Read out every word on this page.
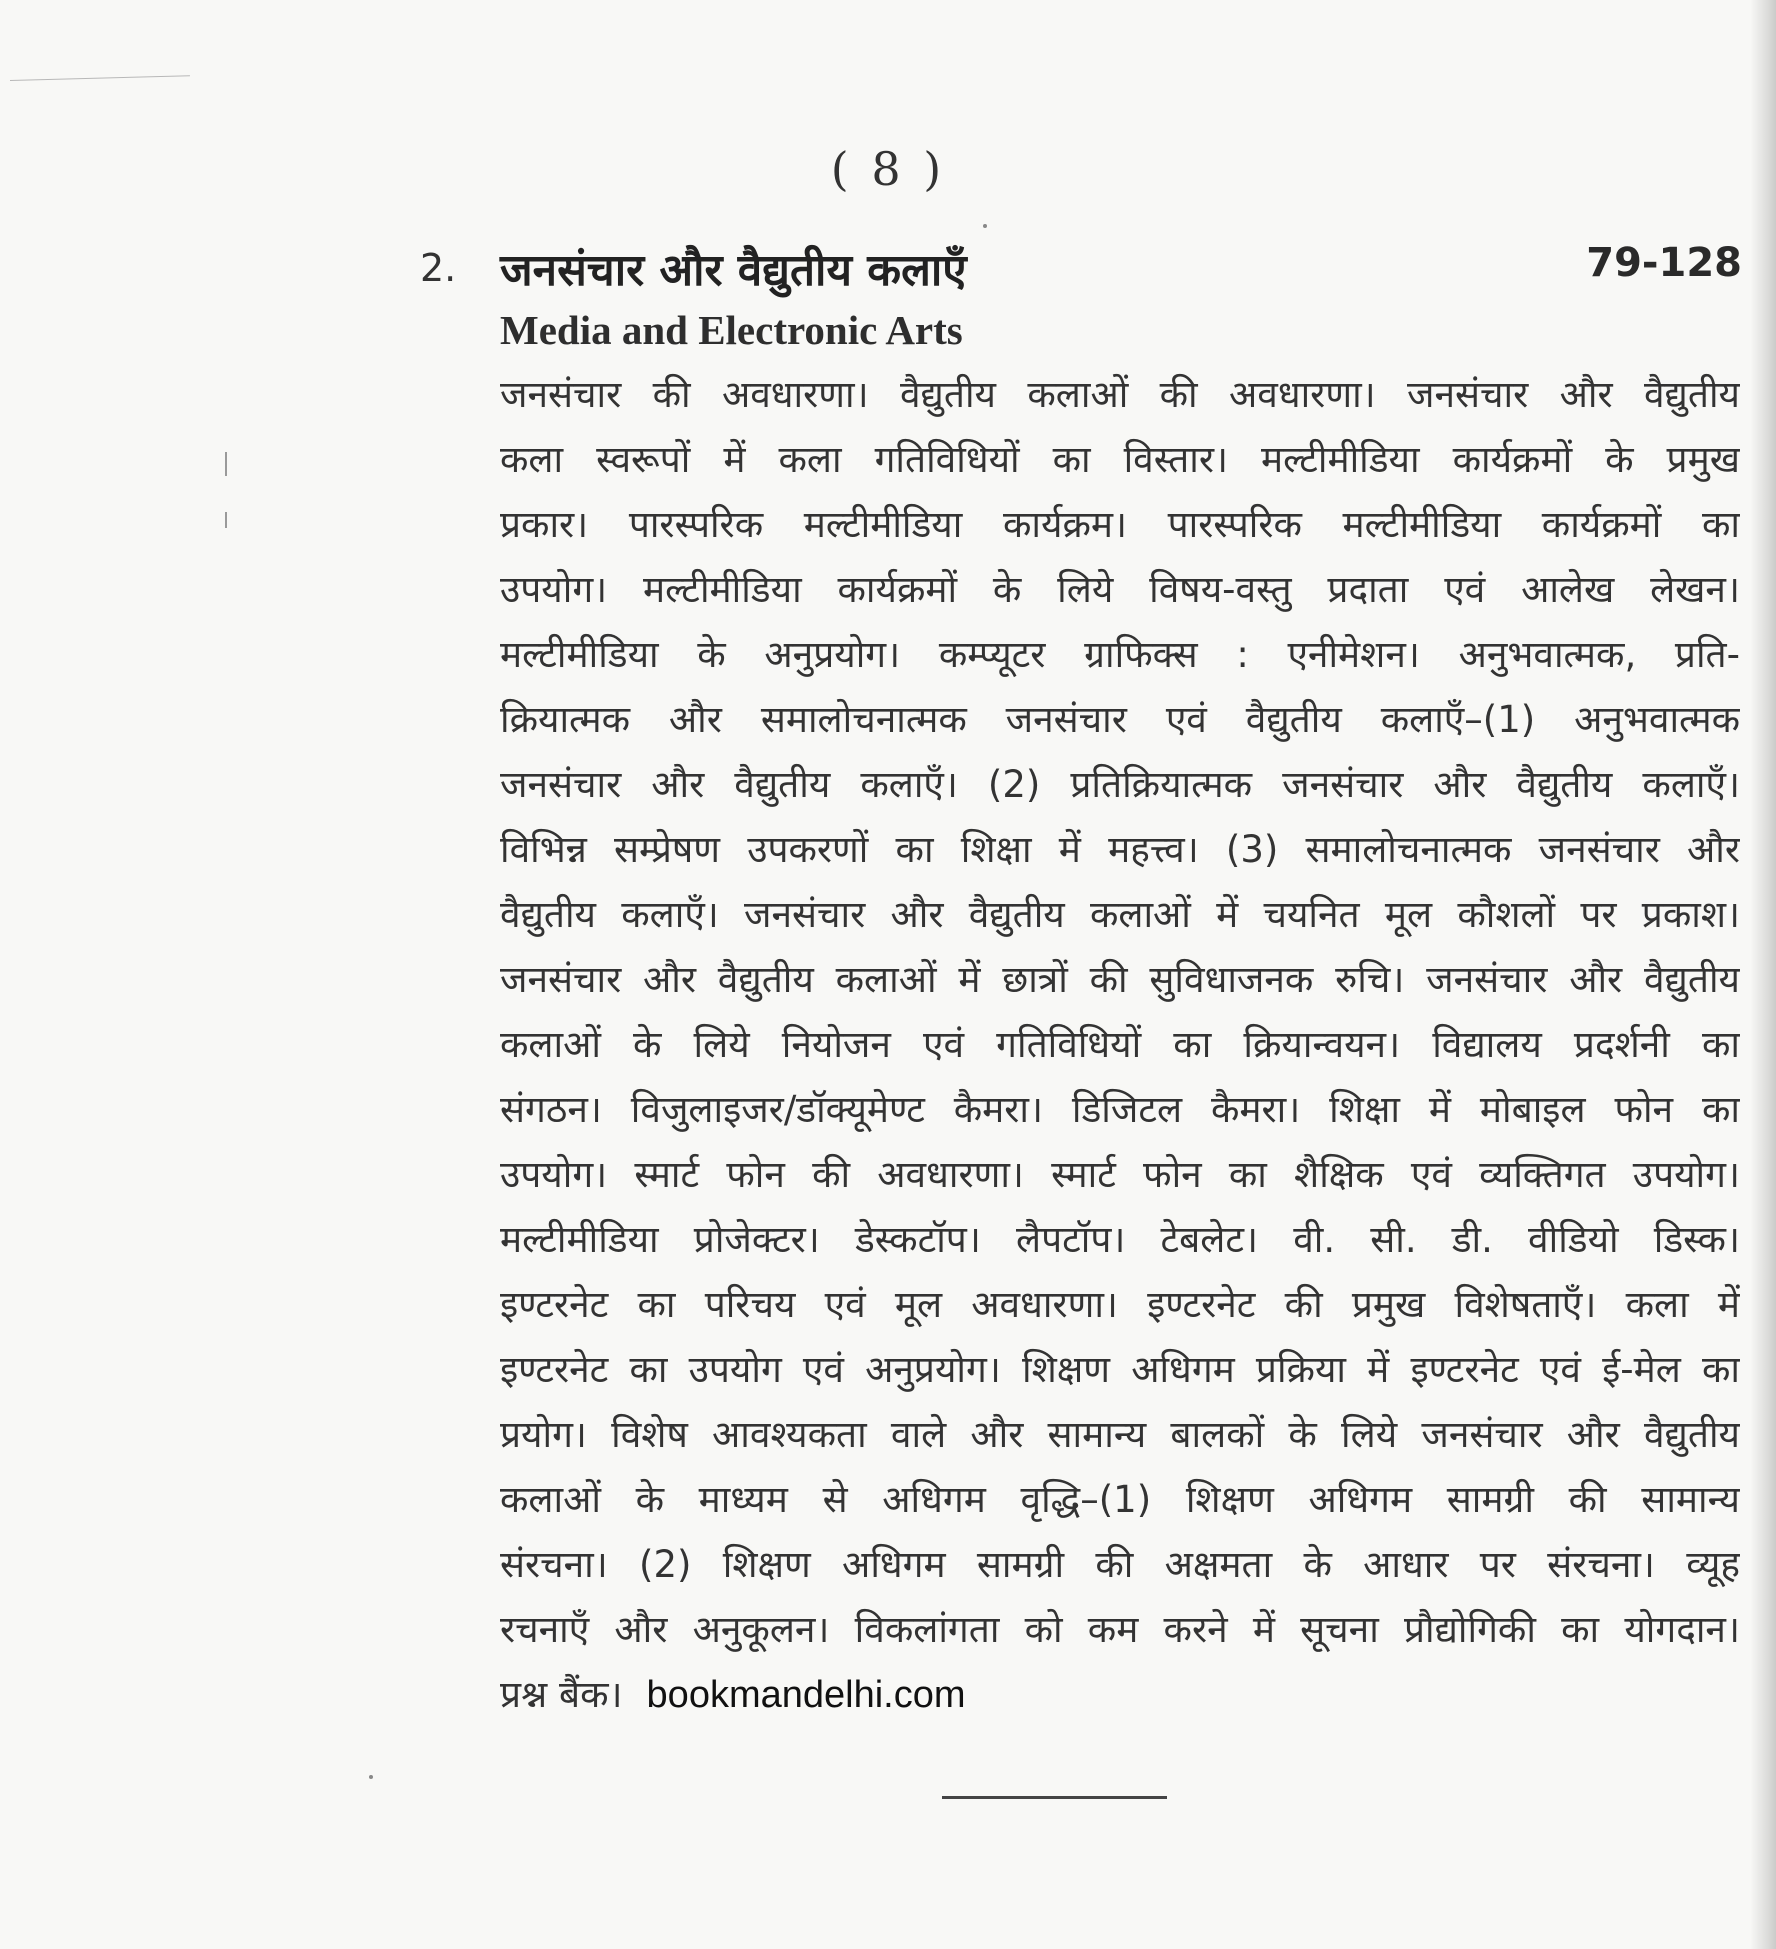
( 8 )
2. जनसंचार और वैद्युतीय कलाएँ	79-128
Media and Electronic Arts
जनसंचार की अवधारणा। वैद्युतीय कलाओं की अवधारणा। जनसंचार और वैद्युतीय
कला स्वरूपों में कला गतिविधियों का विस्तार। मल्टीमीडिया कार्यक्रमों के प्रमुख
प्रकार। पारस्परिक मल्टीमीडिया कार्यक्रम। पारस्परिक मल्टीमीडिया कार्यक्रमों का
उपयोग। मल्टीमीडिया कार्यक्रमों के लिये विषय-वस्तु प्रदाता एवं आलेख लेखन।
मल्टीमीडिया के अनुप्रयोग। कम्प्यूटर ग्राफिक्स : एनीमेशन। अनुभवात्मक, प्रति-
क्रियात्मक और समालोचनात्मक जनसंचार एवं वैद्युतीय कलाएँ–(1) अनुभवात्मक
जनसंचार और वैद्युतीय कलाएँ। (2) प्रतिक्रियात्मक जनसंचार और वैद्युतीय कलाएँ।
विभिन्न सम्प्रेषण उपकरणों का शिक्षा में महत्त्व। (3) समालोचनात्मक जनसंचार और
वैद्युतीय कलाएँ। जनसंचार और वैद्युतीय कलाओं में चयनित मूल कौशलों पर प्रकाश।
जनसंचार और वैद्युतीय कलाओं में छात्रों की सुविधाजनक रुचि। जनसंचार और वैद्युतीय
कलाओं के लिये नियोजन एवं गतिविधियों का क्रियान्वयन। विद्यालय प्रदर्शनी का
संगठन। विजुलाइजर/डॉक्यूमेण्ट कैमरा। डिजिटल कैमरा। शिक्षा में मोबाइल फोन का
उपयोग। स्मार्ट फोन की अवधारणा। स्मार्ट फोन का शैक्षिक एवं व्यक्तिगत उपयोग।
मल्टीमीडिया प्रोजेक्टर। डेस्कटॉप। लैपटॉप। टेबलेट। वी. सी. डी. वीडियो डिस्क।
इण्टरनेट का परिचय एवं मूल अवधारणा। इण्टरनेट की प्रमुख विशेषताएँ। कला में
इण्टरनेट का उपयोग एवं अनुप्रयोग। शिक्षण अधिगम प्रक्रिया में इण्टरनेट एवं ई-मेल का
प्रयोग। विशेष आवश्यकता वाले और सामान्य बालकों के लिये जनसंचार और वैद्युतीय
कलाओं के माध्यम से अधिगम वृद्धि–(1) शिक्षण अधिगम सामग्री की सामान्य
संरचना। (2) शिक्षण अधिगम सामग्री की अक्षमता के आधार पर संरचना। व्यूह
रचनाएँ और अनुकूलन। विकलांगता को कम करने में सूचना प्रौद्योगिकी का योगदान।
प्रश्न बैंक। bookmandelhi.com
